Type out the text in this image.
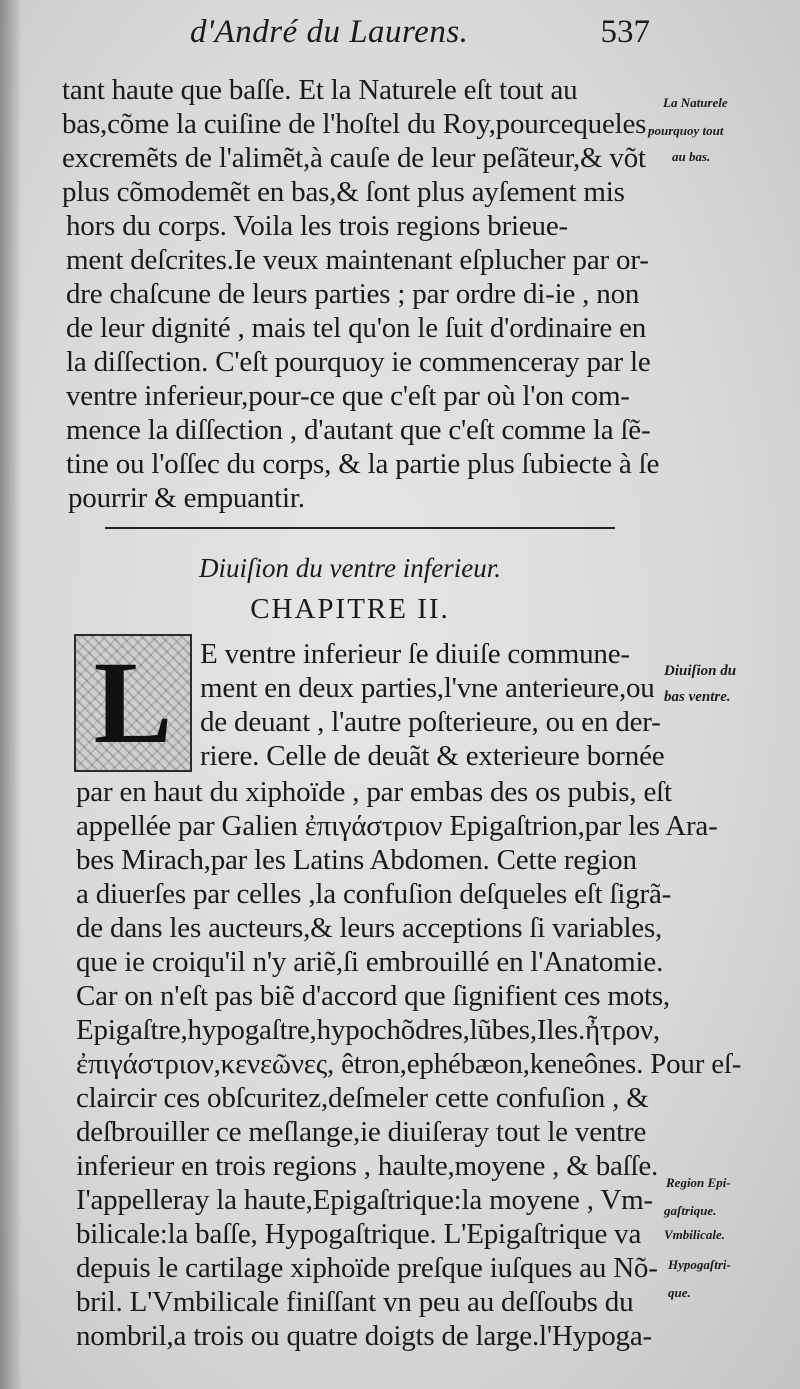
d'André du Laurens.	537

tant haute que baſſe. Et la Naturele eſt tout au

bas,cõme la cuiſine de l'hoſtel du Roy,pourcequeles

excremẽts de l'alimẽt,à cauſe de leur peſãteur,& võt

plus cõmodemẽt en bas,& ſont plus ayſement mis

hors du corps. Voila les trois regions brieue-

ment deſcrites.Ie veux maintenant eſplucher par or-

dre chaſcune de leurs parties ; par ordre di-ie , non

de leur dignité , mais tel qu'on le ſuit d'ordinaire en

la diſſection. C'eſt pourquoy ie commenceray par le

ventre inferieur,pour-ce que c'eſt par où l'on com-

mence la diſſection , d'autant que c'eſt comme la ſẽ-

tine ou l'oſſec du corps, & la partie plus ſubiecte à ſe

pourrir & empuantir.

La Naturele

pourquoy tout

au bas.

Diuiſion du ventre inferieur.
CHAPITRE II.
L E ventre inferieur ſe diuiſe commune-

ment en deux parties,l'vne anterieure,ou

de deuant , l'autre poſterieure, ou en der-

riere. Celle de deuãt & exterieure bornée

par en haut du xiphoïde , par embas des os pubis, eſt

appellée par Galien ἐπιγάστριον Epigaſtrion,par les Ara-

bes Mirach,par les Latins Abdomen. Cette region

a diuerſes par celles ,la confuſion deſqueles eſt ſigrã-

de dans les aucteurs,& leurs acceptions ſi variables,

que ie croiqu'il n'y ariẽ,ſi embrouillé en l'Anatomie.

Car on n'eſt pas biẽ d'accord que ſignifient ces mots,

Epigaſtre,hypogaſtre,hypochõdres,lũbes,Iles.ἦτρον,

ἐπιγάστριον,κενεῶνες, êtron,ephébæon,keneônes. Pour eſ-

claircir ces obſcuritez,deſmeler cette confuſion , &

deſbrouiller ce meſlange,ie diuiſeray tout le ventre

inferieur en trois regions , haulte,moyene , & baſſe.

I'appelleray la haute,Epigaſtrique:la moyene , Vm-

bilicale:la baſſe, Hypogaſtrique. L'Epigaſtrique va

depuis le cartilage xiphoïde preſque iuſques au Nõ-

bril. L'Vmbilicale finiſſant vn peu au deſſoubs du

nombril,a trois ou quatre doigts de large.l'Hypoga-

Diuiſion du

bas ventre.

Region Epi-

gaſtrique.

Vmbilicale.

Hypogaſtri-

que.
